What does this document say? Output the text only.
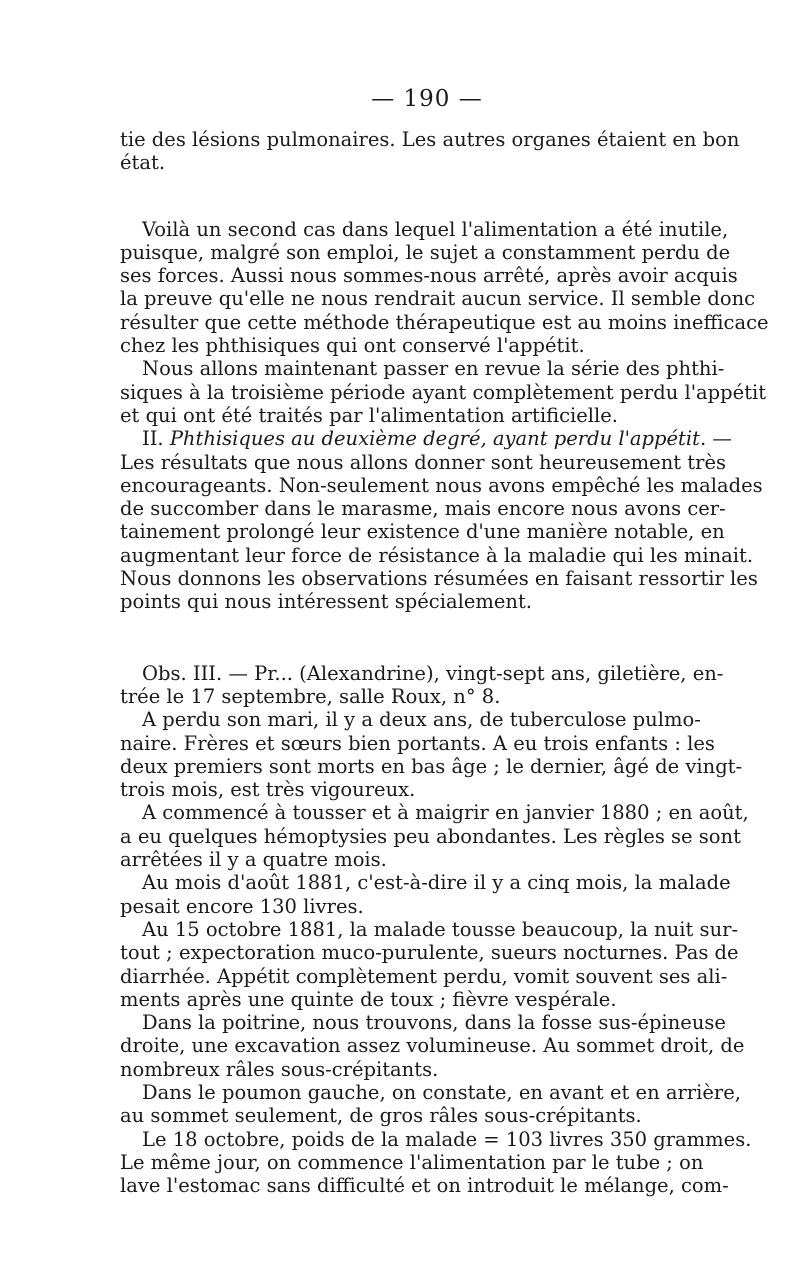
— 190 —
tie des lésions pulmonaires. Les autres organes étaient en bon
état.
Voilà un second cas dans lequel l'alimentation a été inutile,
puisque, malgré son emploi, le sujet a constamment perdu de
ses forces. Aussi nous sommes-nous arrêté, après avoir acquis
la preuve qu'elle ne nous rendrait aucun service. Il semble donc
résulter que cette méthode thérapeutique est au moins inefficace
chez les phthisiques qui ont conservé l'appétit.
Nous allons maintenant passer en revue la série des phthi-
siques à la troisième période ayant complètement perdu l'appétit
et qui ont été traités par l'alimentation artificielle.
II. Phthisiques au deuxième degré, ayant perdu l'appétit. —
Les résultats que nous allons donner sont heureusement très
encourageants. Non-seulement nous avons empêché les malades
de succomber dans le marasme, mais encore nous avons cer-
tainement prolongé leur existence d'une manière notable, en
augmentant leur force de résistance à la maladie qui les minait.
Nous donnons les observations résumées en faisant ressortir les
points qui nous intéressent spécialement.
Obs. III. — Pr... (Alexandrine), vingt-sept ans, giletière, en-
trée le 17 septembre, salle Roux, n° 8.
A perdu son mari, il y a deux ans, de tuberculose pulmo-
naire. Frères et sœurs bien portants. A eu trois enfants : les
deux premiers sont morts en bas âge ; le dernier, âgé de vingt-
trois mois, est très vigoureux.
A commencé à tousser et à maigrir en janvier 1880 ; en août,
a eu quelques hémoptysies peu abondantes. Les règles se sont
arrêtées il y a quatre mois.
Au mois d'août 1881, c'est-à-dire il y a cinq mois, la malade
pesait encore 130 livres.
Au 15 octobre 1881, la malade tousse beaucoup, la nuit sur-
tout ; expectoration muco-purulente, sueurs nocturnes. Pas de
diarrhée. Appétit complètement perdu, vomit souvent ses ali-
ments après une quinte de toux ; fièvre vespérale.
Dans la poitrine, nous trouvons, dans la fosse sus-épineuse
droite, une excavation assez volumineuse. Au sommet droit, de
nombreux râles sous-crépitants.
Dans le poumon gauche, on constate, en avant et en arrière,
au sommet seulement, de gros râles sous-crépitants.
Le 18 octobre, poids de la malade = 103 livres 350 grammes.
Le même jour, on commence l'alimentation par le tube ; on
lave l'estomac sans difficulté et on introduit le mélange, com-
